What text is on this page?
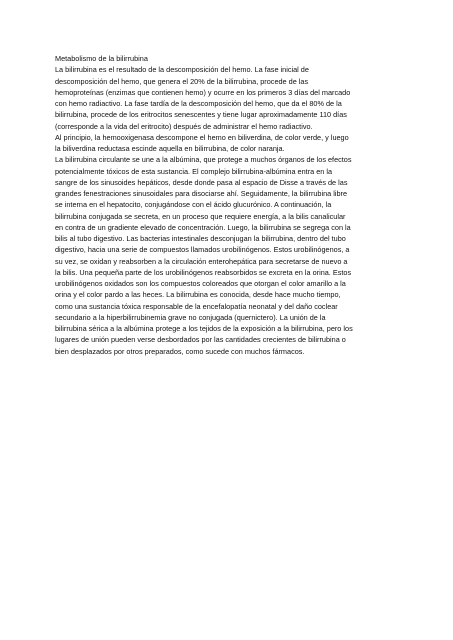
Metabolismo de la bilirrubina
La bilirrubina es el resultado de la descomposición del hemo. La fase inicial de
descomposición del hemo, que genera el 20% de la bilirrubina, procede de las
hemoproteínas (enzimas que contienen hemo) y ocurre en los primeros 3 días del marcado
con hemo radiactivo. La fase tardía de la descomposición del hemo, que da el 80% de la
bilirrubina, procede de los eritrocitos senescentes y tiene lugar aproximadamente 110 días
(corresponde a la vida del eritrocito) después de administrar el hemo radiactivo.
Al principio, la hemooxigenasa descompone el hemo en biliverdina, de color verde, y luego
la biliverdina reductasa escinde aquella en bilirrubina, de color naranja.
La bilirrubina circulante se une a la albúmina, que protege a muchos órganos de los efectos
potencialmente tóxicos de esta sustancia. El complejo bilirrubina-albúmina entra en la
sangre de los sinusoides hepáticos, desde donde pasa al espacio de Disse a través de las
grandes fenestraciones sinusoidales para disociarse ahí. Seguidamente, la bilirrubina libre
se interna en el hepatocito, conjugándose con el ácido glucurónico. A continuación, la
bilirrubina conjugada se secreta, en un proceso que requiere energía, a la bilis canalicular
en contra de un gradiente elevado de concentración. Luego, la bilirrubina se segrega con la
bilis al tubo digestivo. Las bacterias intestinales desconjugan la bilirrubina, dentro del tubo
digestivo, hacia una serie de compuestos llamados urobilinógenos. Estos urobilinógenos, a
su vez, se oxidan y reabsorben a la circulación enterohepática para secretarse de nuevo a
la bilis. Una pequeña parte de los urobilinógenos reabsorbidos se excreta en la orina. Estos
urobilinógenos oxidados son los compuestos coloreados que otorgan el color amarillo a la
orina y el color pardo a las heces. La bilirrubina es conocida, desde hace mucho tiempo,
como una sustancia tóxica responsable de la encefalopatía neonatal y del daño coclear
secundario a la hiperbilirrubinemia grave no conjugada (quernictero). La unión de la
bilirrubina sérica a la albúmina protege a los tejidos de la exposición a la bilirrubina, pero los
lugares de unión pueden verse desbordados por las cantidades crecientes de bilirrubina o
bien desplazados por otros preparados, como sucede con muchos fármacos.
